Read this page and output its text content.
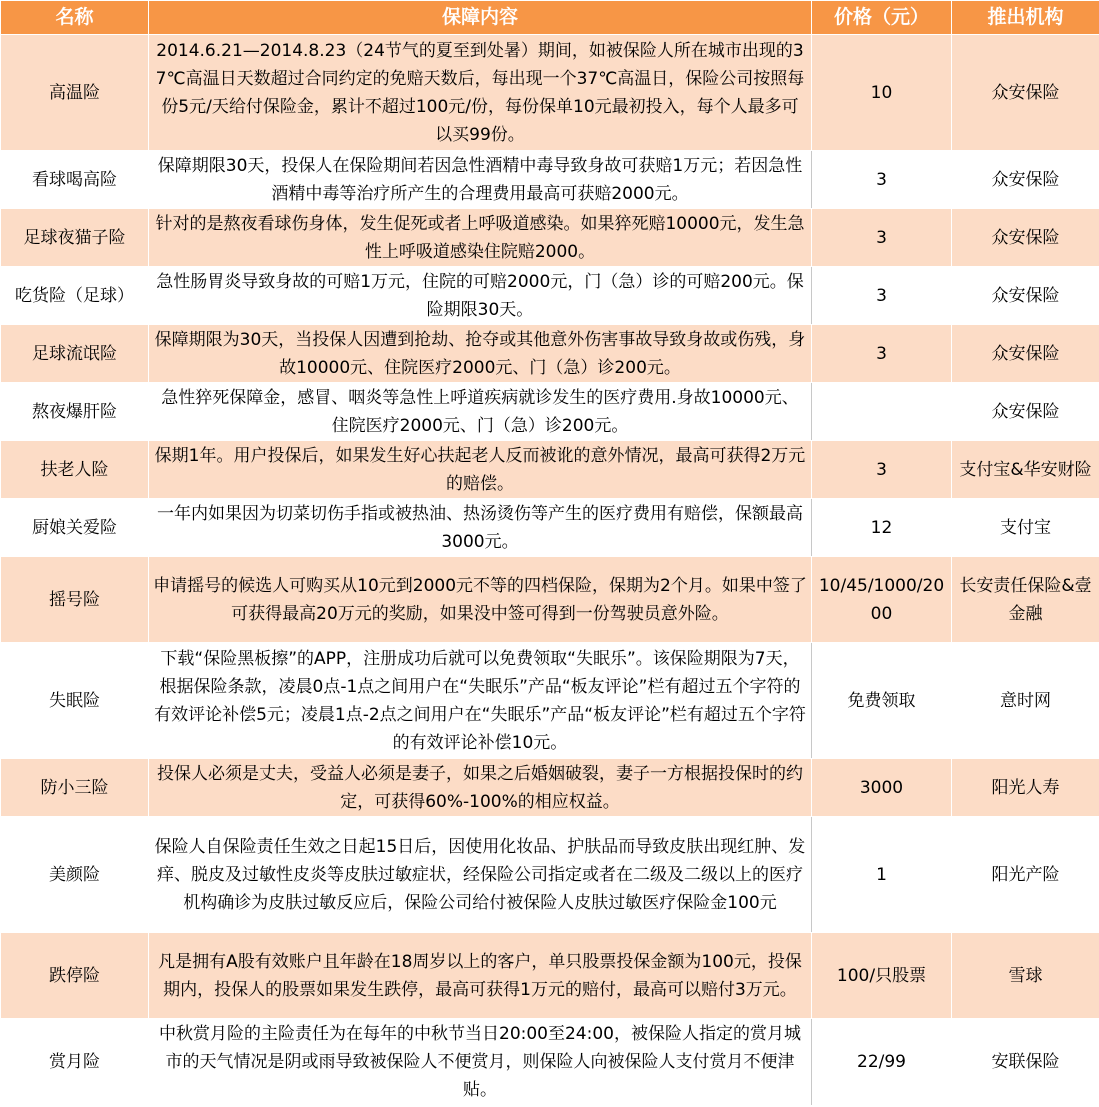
名称	保障内容	价格（元）	推出机构
高温险	2014.6.21—2014.8.23（24节气的夏至到处暑）期间，如被保险人所在城市出现的37℃高温日天数超过合同约定的免赔天数后，每出现一个37℃高温日，保险公司按照每份5元/天给付保险金，累计不超过100元/份，每份保单10元最初投入，每个人最多可以买99份。	10	众安保险
看球喝高险	保障期限30天，投保人在保险期间若因急性酒精中毒导致身故可获赔1万元；若因急性酒精中毒等治疗所产生的合理费用最高可获赔2000元。	3	众安保险
足球夜猫子险	针对的是熬夜看球伤身体，发生促死或者上呼吸道感染。如果猝死赔10000元，发生急性上呼吸道感染住院赔2000。	3	众安保险
吃货险（足球）	急性肠胃炎导致身故的可赔1万元，住院的可赔2000元，门（急）诊的可赔200元。保险期限30天。	3	众安保险
足球流氓险	保障期限为30天，当投保人因遭到抢劫、抢夺或其他意外伤害事故导致身故或伤残，身故10000元、住院医疗2000元、门（急）诊200元。	3	众安保险
熬夜爆肝险	急性猝死保障金，感冒、咽炎等急性上呼道疾病就诊发生的医疗费用.身故10000元、住院医疗2000元、门（急）诊200元。		众安保险
扶老人险	保期1年。用户投保后，如果发生好心扶起老人反而被讹的意外情况，最高可获得2万元的赔偿。	3	支付宝&华安财险
厨娘关爱险	一年内如果因为切菜切伤手指或被热油、热汤烫伤等产生的医疗费用有赔偿，保额最高3000元。	12	支付宝
摇号险	申请摇号的候选人可购买从10元到2000元不等的四档保险，保期为2个月。如果中签了可获得最高20万元的奖励，如果没中签可得到一份驾驶员意外险。	10/45/1000/2000	长安责任保险&壹金融
失眠险	下载“保险黑板擦”的APP，注册成功后就可以免费领取“失眠乐”。该保险期限为7天，根据保险条款，凌晨0点-1点之间用户在“失眠乐”产品“板友评论”栏有超过五个字符的有效评论补偿5元；凌晨1点-2点之间用户在“失眠乐”产品“板友评论”栏有超过五个字符的有效评论补偿10元。	免费领取	意时网
防小三险	投保人必须是丈夫，受益人必须是妻子，如果之后婚姻破裂，妻子一方根据投保时的约定，可获得60%-100%的相应权益。	3000	阳光人寿
美颜险	保险人自保险责任生效之日起15日后，因使用化妆品、护肤品而导致皮肤出现红肿、发痒、脱皮及过敏性皮炎等皮肤过敏症状，经保险公司指定或者在二级及二级以上的医疗机构确诊为皮肤过敏反应后，保险公司给付被保险人皮肤过敏医疗保险金100元	1	阳光产险
跌停险	凡是拥有A股有效账户且年龄在18周岁以上的客户，单只股票投保金额为100元，投保期内，投保人的股票如果发生跌停，最高可获得1万元的赔付，最高可以赔付3万元。	100/只股票	雪球
赏月险	中秋赏月险的主险责任为在每年的中秋节当日20:00至24:00，被保险人指定的赏月城市的天气情况是阴或雨导致被保险人不便赏月，则保险人向被保险人支付赏月不便津贴。	22/99	安联保险
